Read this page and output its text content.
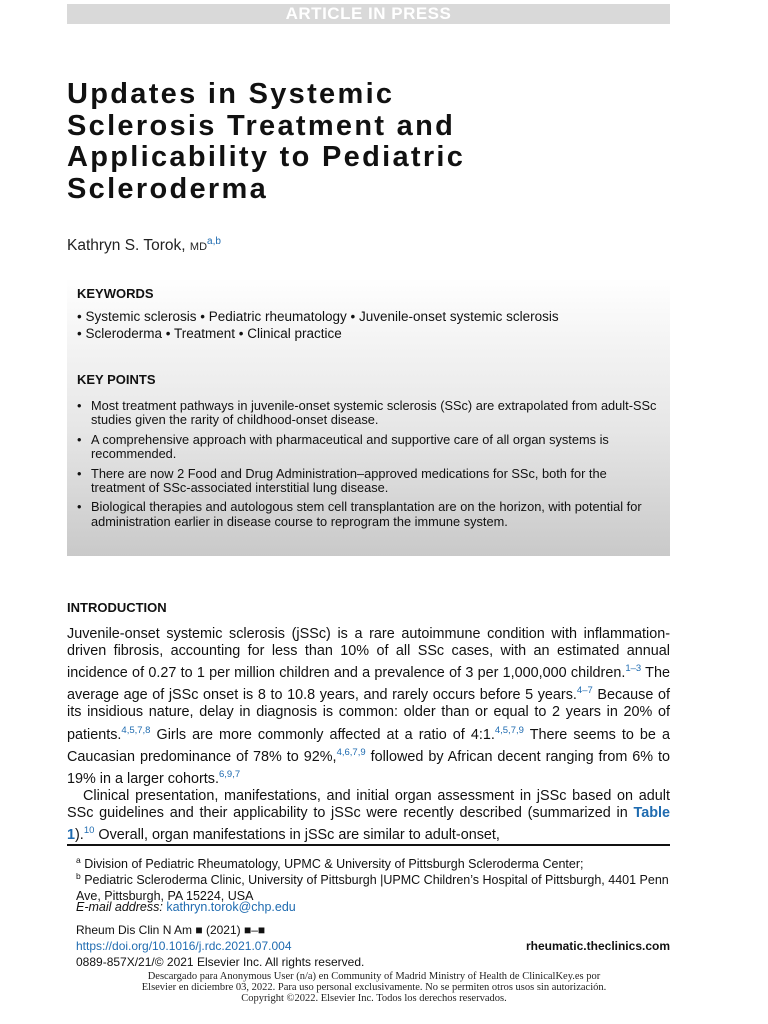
ARTICLE IN PRESS
Updates in Systemic
Sclerosis Treatment and
Applicability to Pediatric
Scleroderma
Kathryn S. Torok, MD$^{a,b}$
KEYWORDS
• Systemic sclerosis • Pediatric rheumatology • Juvenile-onset systemic sclerosis
• Scleroderma • Treatment • Clinical practice
KEY POINTS
• Most treatment pathways in juvenile-onset systemic sclerosis (SSc) are extrapolated from adult-SSc studies given the rarity of childhood-onset disease.
• A comprehensive approach with pharmaceutical and supportive care of all organ systems is recommended.
• There are now 2 Food and Drug Administration–approved medications for SSc, both for the treatment of SSc-associated interstitial lung disease.
• Biological therapies and autologous stem cell transplantation are on the horizon, with potential for administration earlier in disease course to reprogram the immune system.
INTRODUCTION

Juvenile-onset systemic sclerosis (jSSc) is a rare autoimmune condition with inflammation-driven fibrosis, accounting for less than 10% of all SSc cases, with an estimated annual incidence of 0.27 to 1 per million children and a prevalence of 3 per 1,000,000 children.$^{1-3}$ The average age of jSSc onset is 8 to 10.8 years, and rarely occurs before 5 years.$^{4-7}$ Because of its insidious nature, delay in diagnosis is common: older than or equal to 2 years in 20% of patients.$^{4,5,7,8}$ Girls are more commonly affected at a ratio of 4:1.$^{4,5,7,9}$ There seems to be a Caucasian predominance of 78% to 92%,$^{4,6,7,9}$ followed by African decent ranging from 6% to 19% in a larger cohorts.$^{6,9,7}$

Clinical presentation, manifestations, and initial organ assessment in jSSc based on adult SSc guidelines and their applicability to jSSc were recently described (summarized in Table 1).$^{10}$ Overall, organ manifestations in jSSc are similar to adult-onset,

$^a$ Division of Pediatric Rheumatology, UPMC & University of Pittsburgh Scleroderma Center;
$^b$ Pediatric Scleroderma Clinic, University of Pittsburgh |UPMC Children’s Hospital of Pittsburgh, 4401 Penn Ave, Pittsburgh, PA 15224, USA
E-mail address: kathryn.torok@chp.edu
Rheum Dis Clin N Am ■ (2021) ■–■
https://doi.org/10.1016/j.rdc.2021.07.004
0889-857X/21/© 2021 Elsevier Inc. All rights reserved.
rheumatic.theclinics.com
Descargado para Anonymous User (n/a) en Community of Madrid Ministry of Health de ClinicalKey.es por Elsevier en diciembre 03, 2022. Para uso personal exclusivamente. No se permiten otros usos sin autorización. Copyright ©2022. Elsevier Inc. Todos los derechos reservados.
